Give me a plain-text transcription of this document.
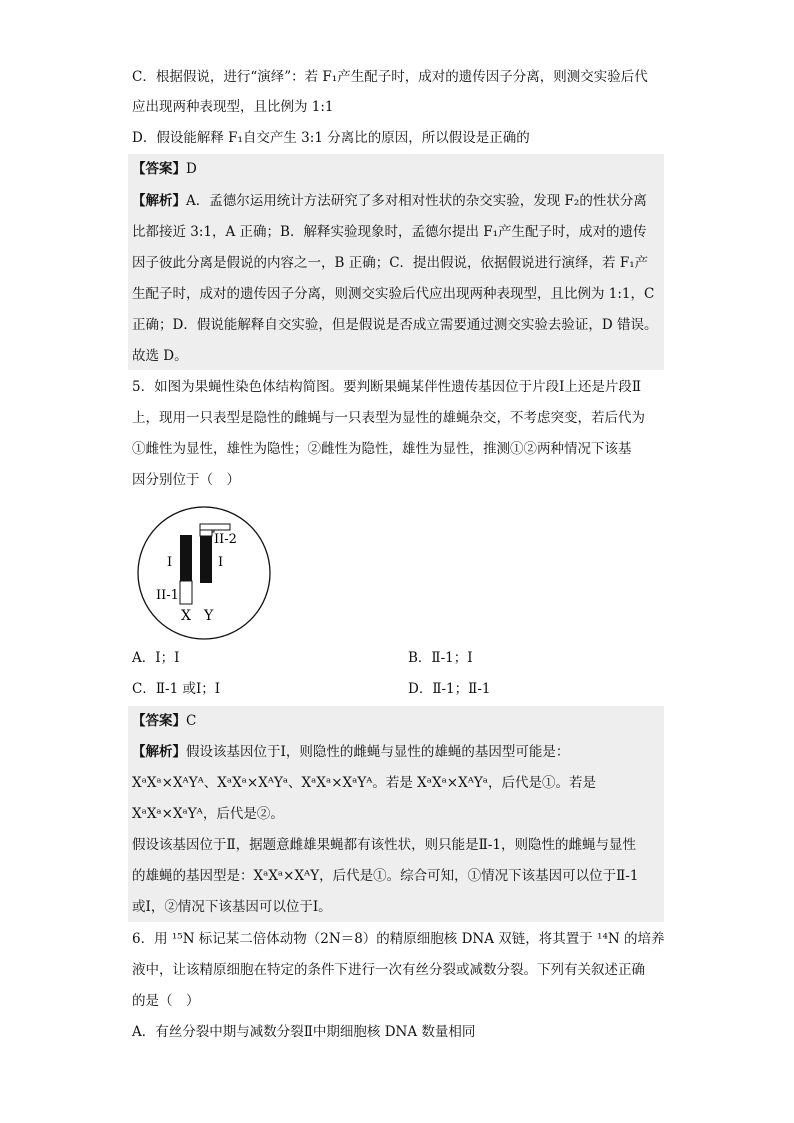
C．根据假说，进行“演绎”：若 F₁产生配子时，成对的遗传因子分离，则测交实验后代
应出现两种表现型，且比例为 1:1
D．假设能解释 F₁自交产生 3:1 分离比的原因，所以假设是正确的
【答案】D
【解析】A．孟德尔运用统计方法研究了多对相对性状的杂交实验，发现 F₂的性状分离
比都接近 3:1，A 正确；B．解释实验现象时，孟德尔提出 F₁产生配子时，成对的遗传
因子彼此分离是假说的内容之一，B 正确；C．提出假说，依据假说进行演绎，若 F₁产
生配子时，成对的遗传因子分离，则测交实验后代应出现两种表现型，且比例为 1:1，C
正确；D．假说能解释自交实验，但是假说是否成立需要通过测交实验去验证，D 错误。
故选 D。
5．如图为果蝇性染色体结构简图。要判断果蝇某伴性遗传基因位于片段Ⅰ上还是片段Ⅱ
上，现用一只表型是隐性的雌蝇与一只表型为显性的雄蝇杂交，不考虑突变，若后代为
①雌性为显性，雄性为隐性；②雌性为隐性，雄性为显性，推测①②两种情况下该基
因分别位于（　）
I
II-1
II-2
I
X Y
A．Ⅰ；Ⅰ	B．Ⅱ-1；Ⅰ
C．Ⅱ-1 或Ⅰ；Ⅰ	D．Ⅱ-1；Ⅱ-1
【答案】C
【解析】假设该基因位于Ⅰ，则隐性的雌蝇与显性的雄蝇的基因型可能是：
XᵃXᵃ×XᴬYᴬ、XᵃXᵃ×XᴬYᵃ、XᵃXᵃ×XᵃYᴬ。若是 XᵃXᵃ×XᴬYᵃ，后代是①。若是
XᵃXᵃ×XᵃYᴬ，后代是②。
假设该基因位于Ⅱ，据题意雌雄果蝇都有该性状，则只能是Ⅱ-1，则隐性的雌蝇与显性
的雄蝇的基因型是：XᵃXᵃ×XᴬY，后代是①。综合可知，①情况下该基因可以位于Ⅱ-1
或Ⅰ，②情况下该基因可以位于Ⅰ。
6．用 ¹⁵N 标记某二倍体动物（2N＝8）的精原细胞核 DNA 双链，将其置于 ¹⁴N 的培养
液中，让该精原细胞在特定的条件下进行一次有丝分裂或减数分裂。下列有关叙述正确
的是（　）
A．有丝分裂中期与减数分裂Ⅱ中期细胞核 DNA 数量相同
